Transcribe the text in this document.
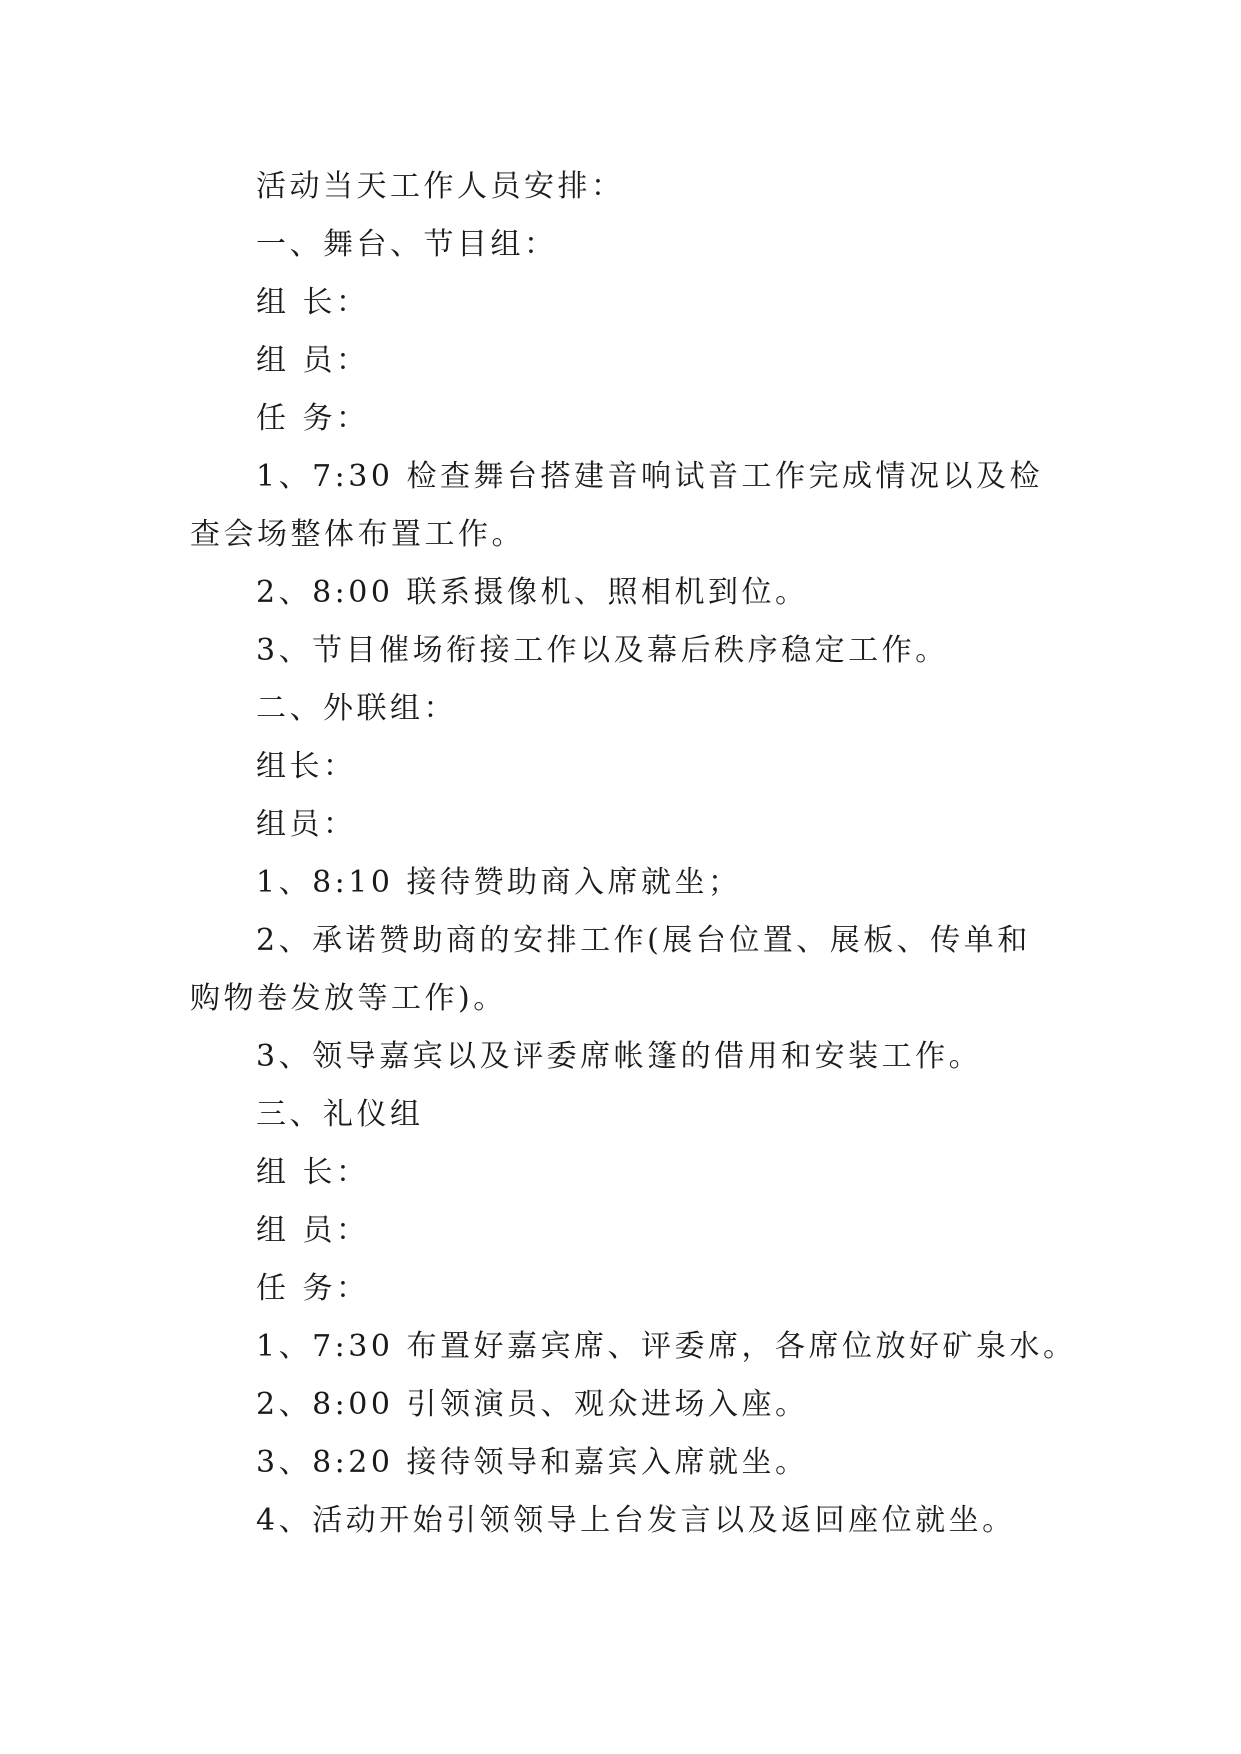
活动当天工作人员安排：
一、舞台、节目组：
组 长：
组 员：
任 务：
1、7:30 检查舞台搭建音响试音工作完成情况以及检查会场整体布置工作。
2、8:00 联系摄像机、照相机到位。
3、节目催场衔接工作以及幕后秩序稳定工作。
二、外联组：
组长：
组员：
1、8:10 接待赞助商入席就坐；
2、承诺赞助商的安排工作(展台位置、展板、传单和购物卷发放等工作)。
3、领导嘉宾以及评委席帐篷的借用和安装工作。
三、礼仪组
组 长：
组 员：
任 务：
1、7:30 布置好嘉宾席、评委席，各席位放好矿泉水。
2、8:00 引领演员、观众进场入座。
3、8:20 接待领导和嘉宾入席就坐。
4、活动开始引领领导上台发言以及返回座位就坐。
